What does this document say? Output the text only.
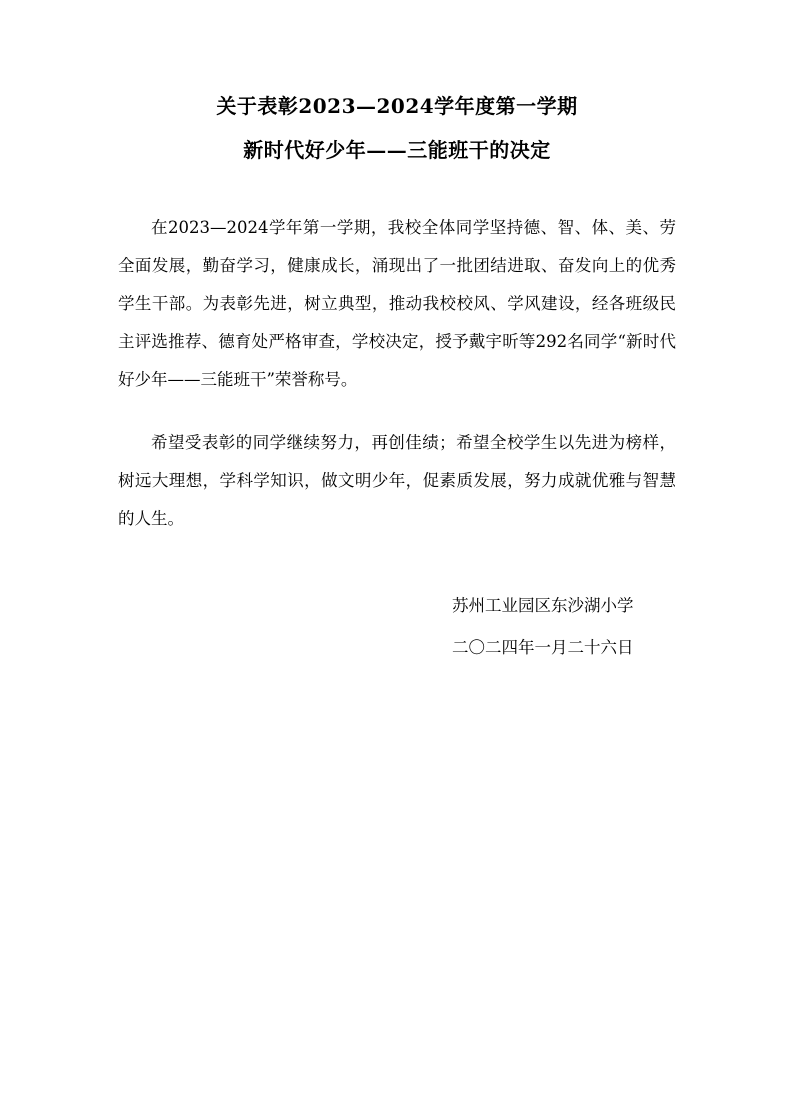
关于表彰2023—2024学年度第一学期
新时代好少年——三能班干的决定

在2023—2024学年第一学期，我校全体同学坚持德、智、体、美、劳全面发展，勤奋学习，健康成长，涌现出了一批团结进取、奋发向上的优秀学生干部。为表彰先进，树立典型，推动我校校风、学风建设，经各班级民主评选推荐、德育处严格审查，学校决定，授予戴宇昕等292名同学“新时代好少年——三能班干”荣誉称号。

希望受表彰的同学继续努力，再创佳绩；希望全校学生以先进为榜样，树远大理想，学科学知识，做文明少年，促素质发展，努力成就优雅与智慧的人生。

苏州工业园区东沙湖小学
二〇二四年一月二十六日
